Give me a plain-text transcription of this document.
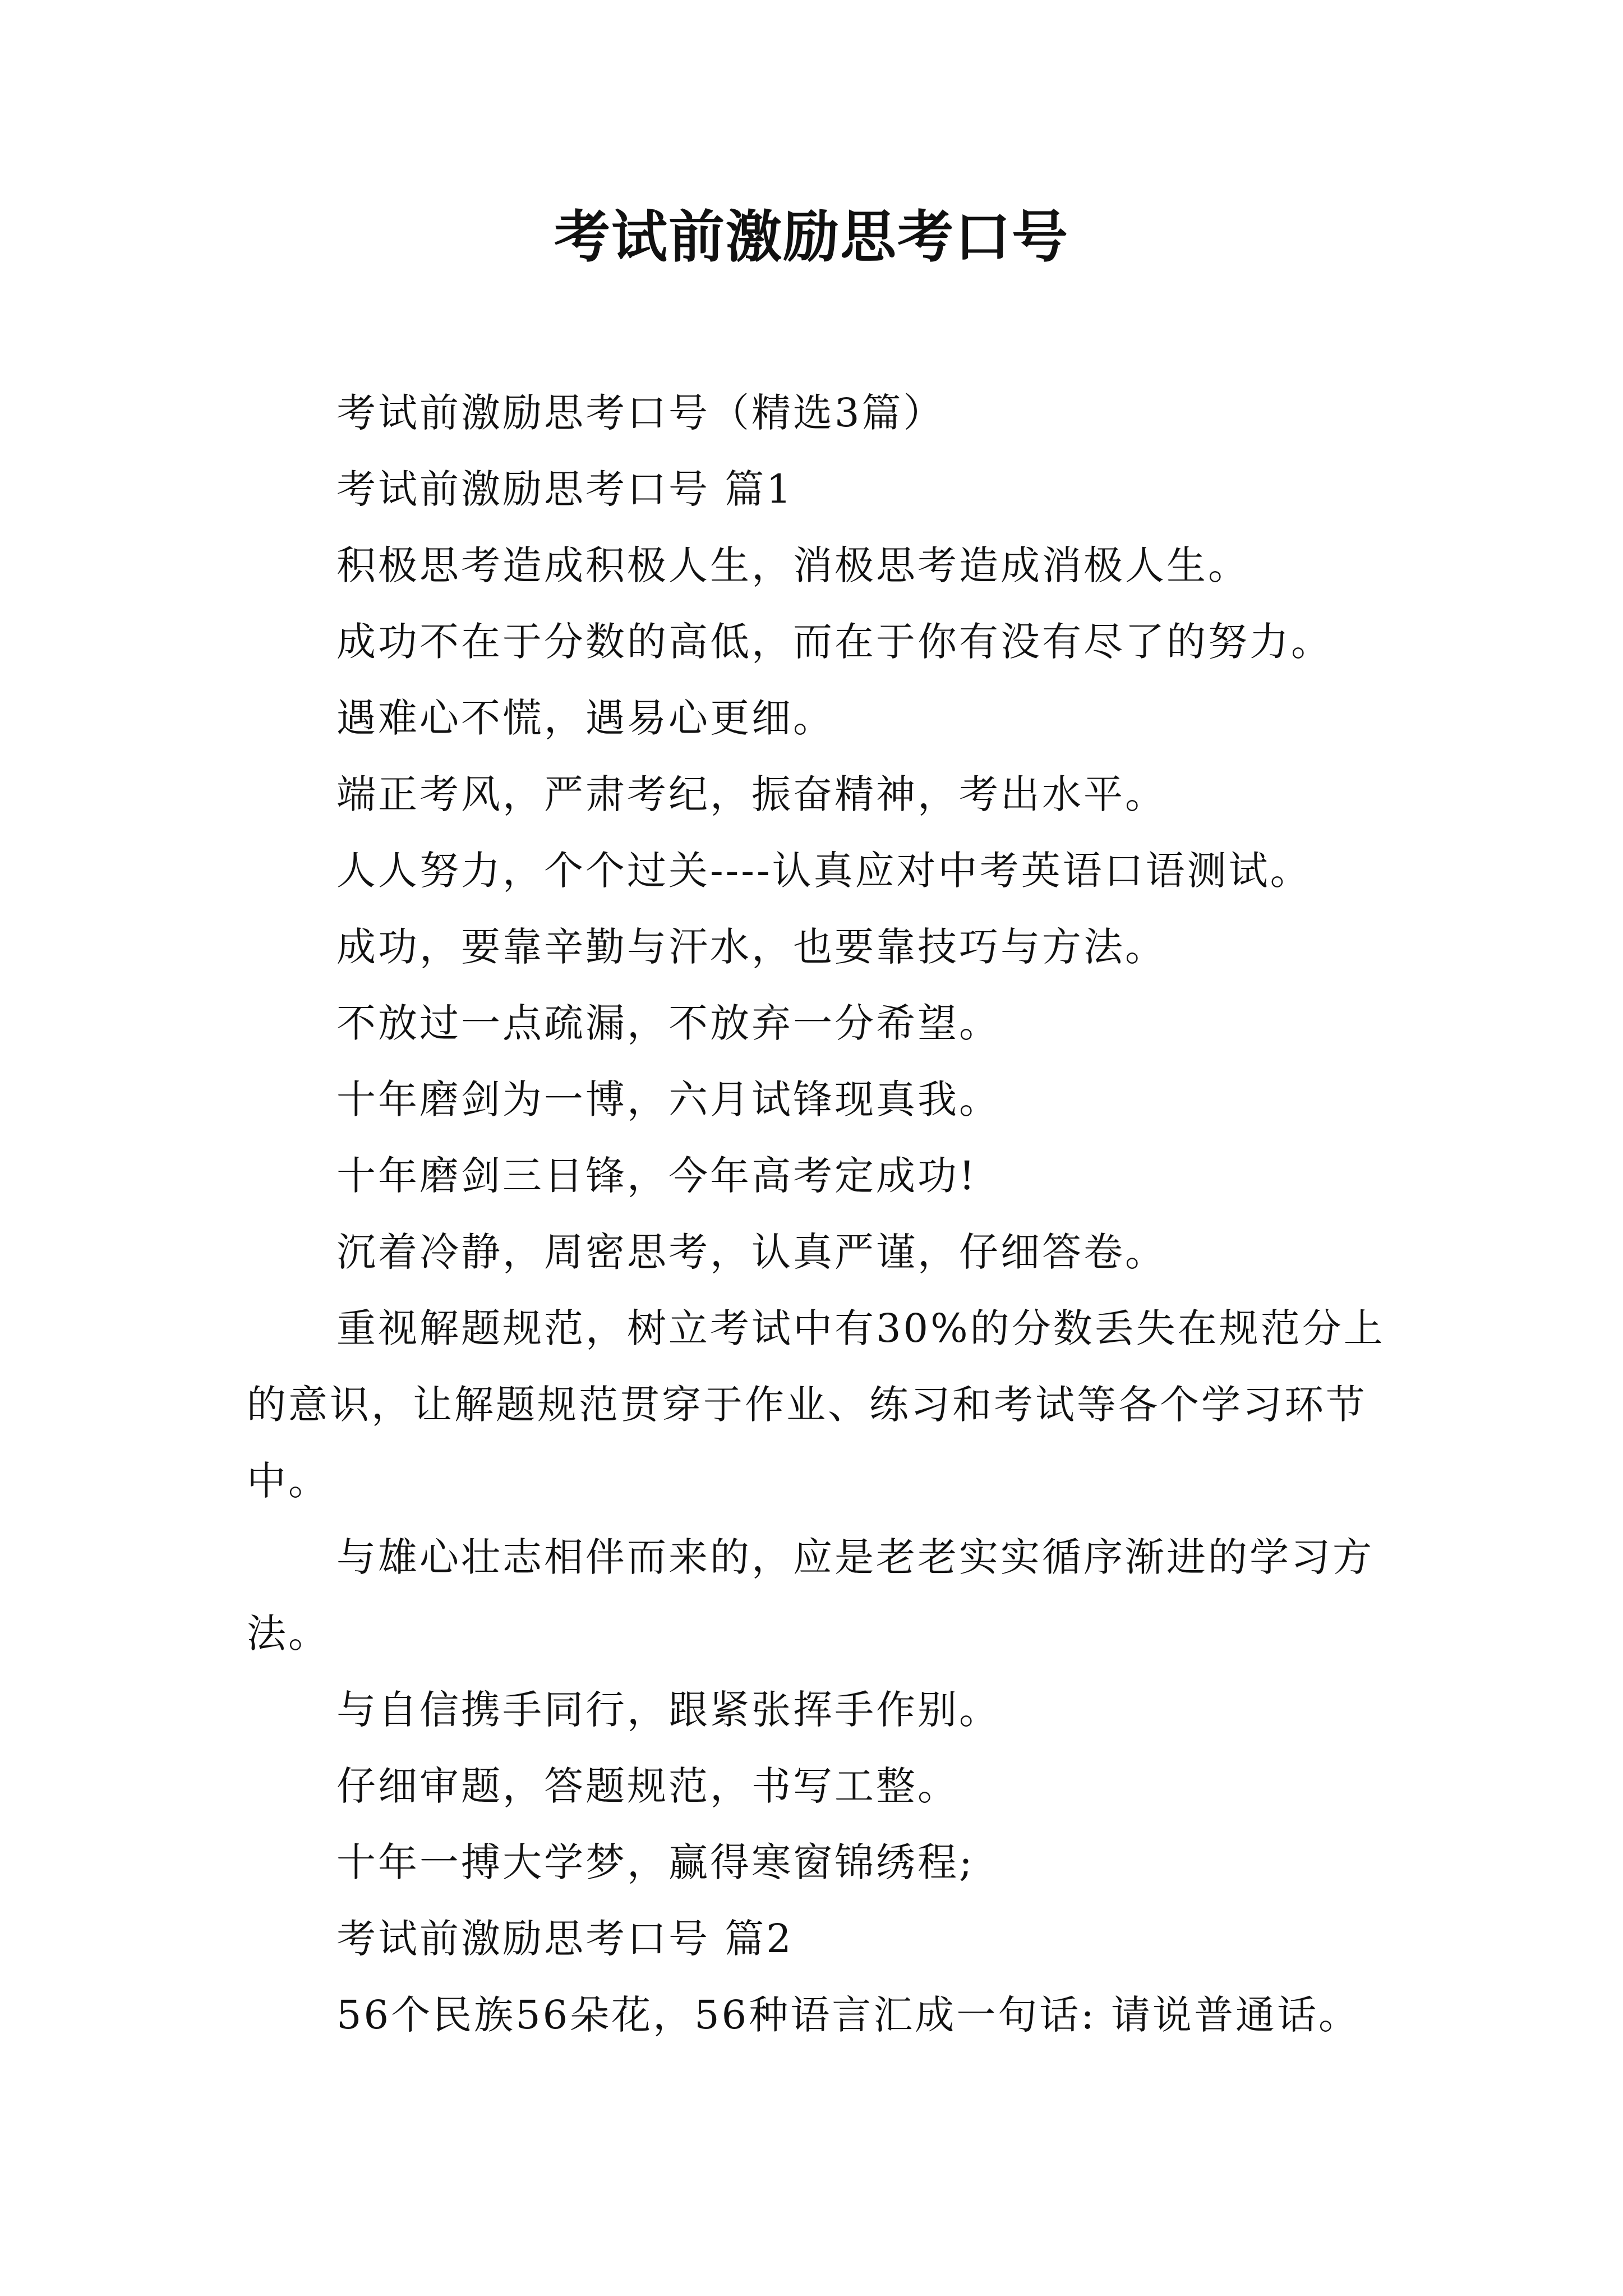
考试前激励思考口号

考试前激励思考口号（精选3篇）

考试前激励思考口号 篇1

积极思考造成积极人生，消极思考造成消极人生。

成功不在于分数的高低，而在于你有没有尽了的努力。

遇难心不慌，遇易心更细。

端正考风，严肃考纪，振奋精神，考出水平。

人人努力，个个过关----认真应对中考英语口语测试。

成功，要靠辛勤与汗水，也要靠技巧与方法。

不放过一点疏漏，不放弃一分希望。

十年磨剑为一博，六月试锋现真我。

十年磨剑三日锋，今年高考定成功!

沉着冷静，周密思考，认真严谨，仔细答卷。

重视解题规范，树立考试中有30%的分数丢失在规范分上的意识，让解题规范贯穿于作业、练习和考试等各个学习环节中。

与雄心壮志相伴而来的，应是老老实实循序渐进的学习方法。

与自信携手同行，跟紧张挥手作别。

仔细审题，答题规范，书写工整。

十年一搏大学梦，赢得寒窗锦绣程;

考试前激励思考口号 篇2

56个民族56朵花，56种语言汇成一句话: 请说普通话。
